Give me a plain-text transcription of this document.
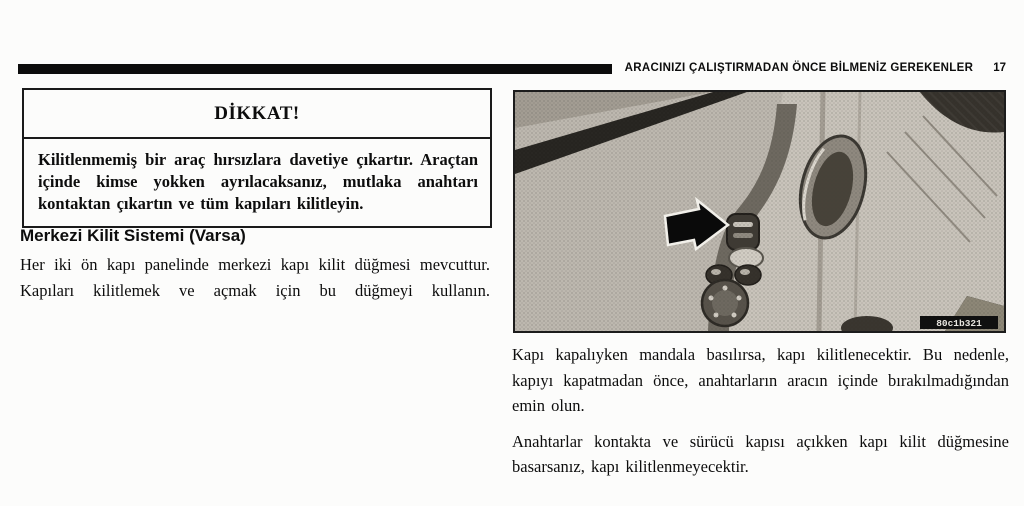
ARACINIZI ÇALIŞTIRMADAN ÖNCE BİLMENİZ GEREKENLER 17
DİKKAT!
Kilitlenmemiş bir araç hırsızlara davetiye çıkartır. Araçtan içinde kimse yokken ayrılacaksanız, mutlaka anahtarı kontaktan çıkartın ve tüm kapıları kilitleyin.
Merkezi Kilit Sistemi (Varsa)
Her iki ön kapı panelinde merkezi kapı kilit düğmesi mevcuttur. Kapıları kilitlemek ve açmak için bu düğmeyi kullanın.
80c1b321

Kapı kapalıyken mandala basılırsa, kapı kilitlenecektir. Bu nedenle, kapıyı kapatmadan önce, anahtarların aracın içinde bırakılmadığından emin olun.

Anahtarlar kontakta ve sürücü kapısı açıkken kapı kilit düğmesine basarsanız, kapı kilitlenmeyecektir.
